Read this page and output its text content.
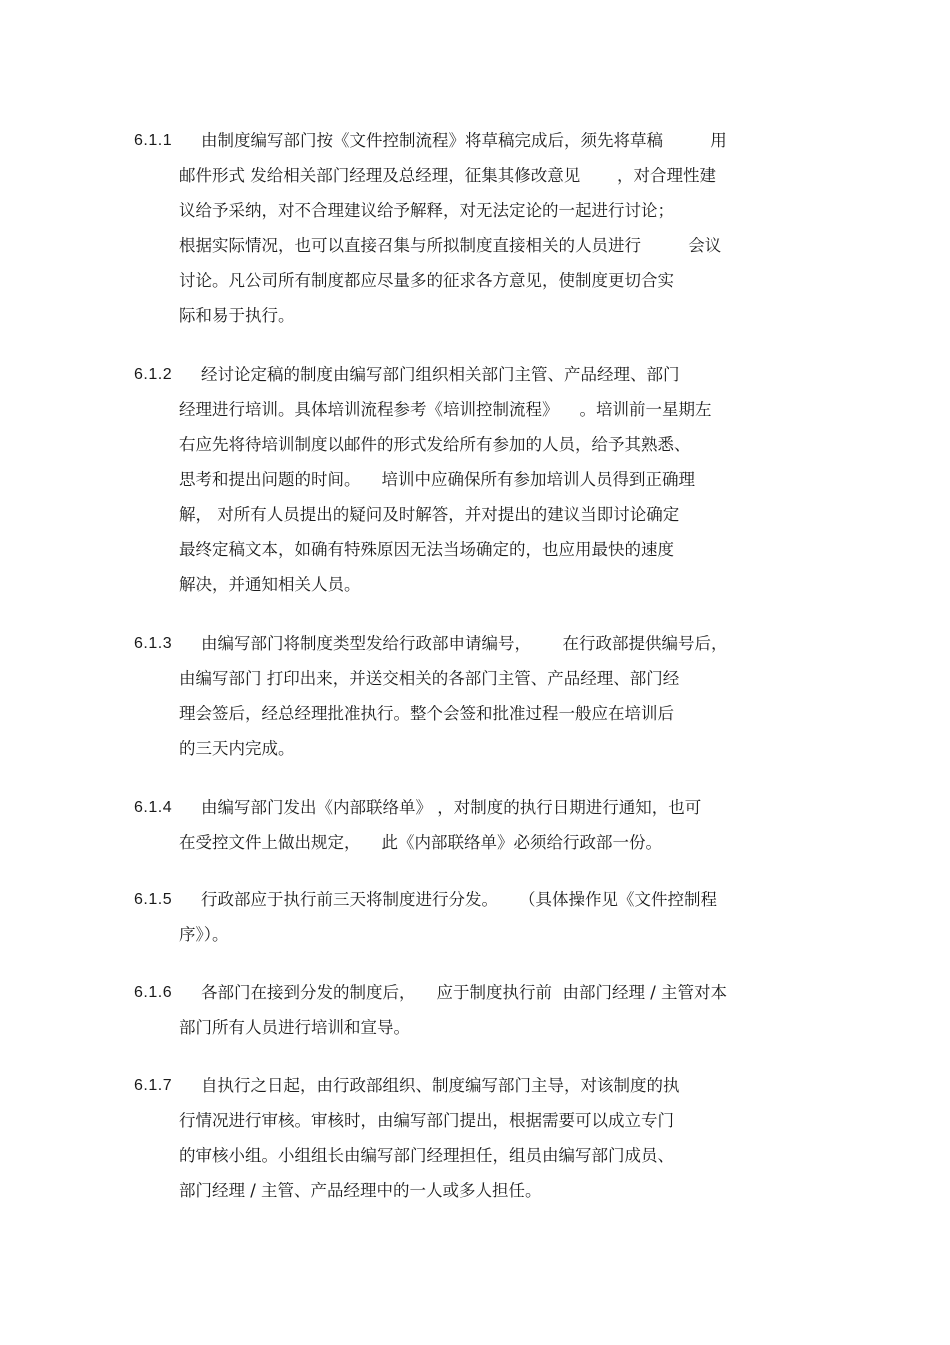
6.1.1 由制度编写部门按《文件控制流程》将草稿完成后，须先将草稿         用
邮件形式 发给相关部门经理及总经理，征集其修改意见       ，对合理性建
议给予采纳，对不合理建议给予解释，对无法定论的一起进行讨论；
根据实际情况，也可以直接召集与所拟制度直接相关的人员进行         会议
讨论。凡公司所有制度都应尽量多的征求各方意见，使制度更切合实
际和易于执行。
6.1.2 经讨论定稿的制度由编写部门组织相关部门主管、产品经理、部门
经理进行培训。具体培训流程参考《培训控制流程》    。培训前一星期左
右应先将待培训制度以邮件的形式发给所有参加的人员，给予其熟悉、
思考和提出问题的时间。    培训中应确保所有参加培训人员得到正确理
解， 对所有人员提出的疑问及时解答，并对提出的建议当即讨论确定
最终定稿文本，如确有特殊原因无法当场确定的，也应用最快的速度
解决，并通知相关人员。
6.1.3 由编写部门将制度类型发给行政部申请编号，      在行政部提供编号后，
由编写部门 打印出来，并送交相关的各部门主管、产品经理、部门经
理会签后，经总经理批准执行。整个会签和批准过程一般应在培训后
的三天内完成。
6.1.4 由编写部门发出《内部联络单》 ，对制度的执行日期进行通知，也可
在受控文件上做出规定，    此《内部联络单》必须给行政部一份。
6.1.5 行政部应于执行前三天将制度进行分发。    （具体操作见《文件控制程
序》）。
6.1.6 各部门在接到分发的制度后，    应于制度执行前  由部门经理 / 主管对本
部门所有人员进行培训和宣导。
6.1.7 自执行之日起，由行政部组织、制度编写部门主导，对该制度的执
行情况进行审核。审核时，由编写部门提出，根据需要可以成立专门
的审核小组。小组组长由编写部门经理担任，组员由编写部门成员、
部门经理 / 主管、产品经理中的一人或多人担任。
